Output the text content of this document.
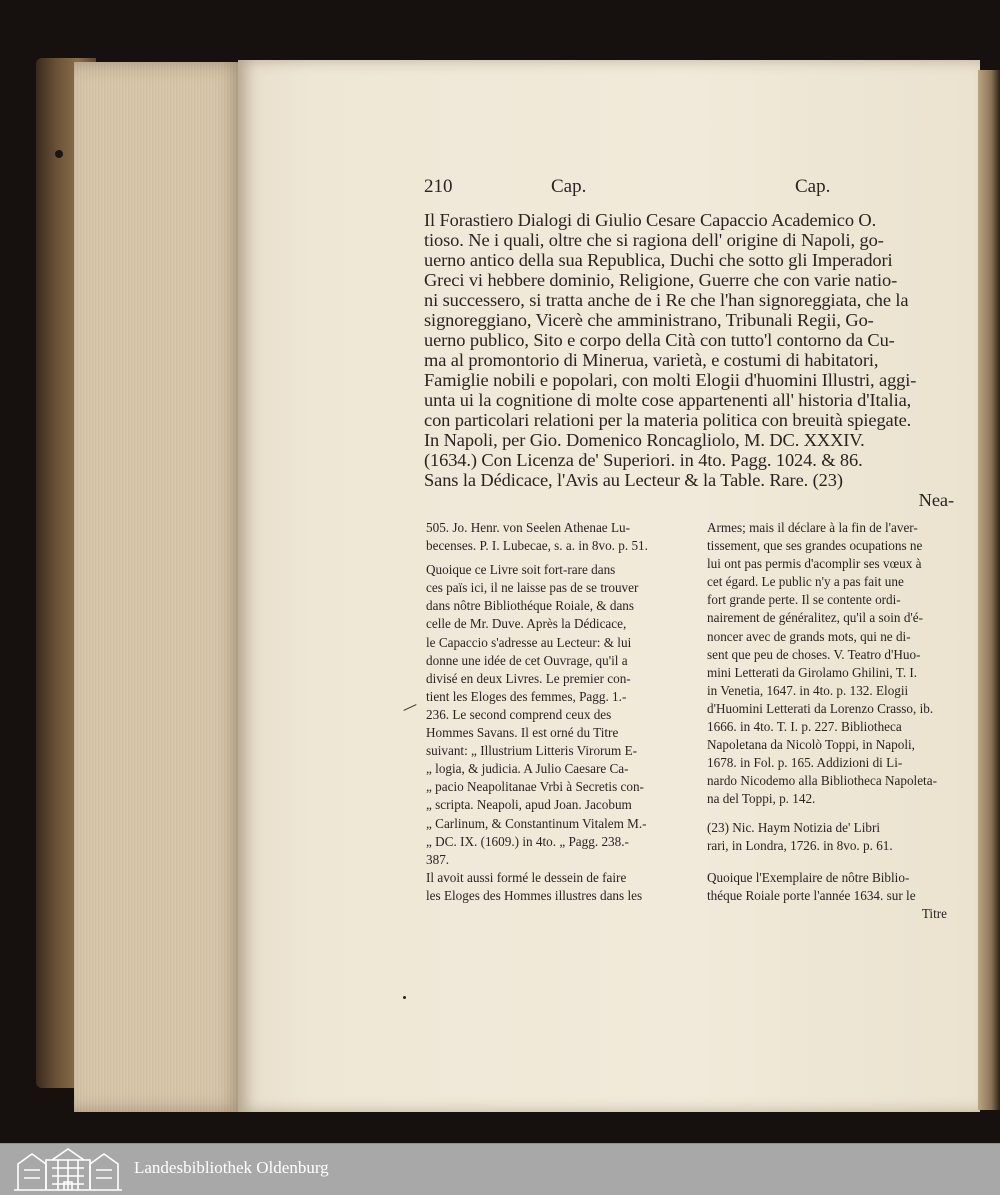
210	Cap.	Cap.

Il Forastiero Dialogi di Giulio Cesare Capaccio Academico O.

tioso. Ne i quali, oltre che si ragiona dell' origine di Napoli, go-

uerno antico della sua Republica, Duchi che sotto gli Imperadori

Greci vi hebbere dominio, Religione, Guerre che con varie natio-

ni successero, si tratta anche de i Re che l'han signoreggiata, che la

signoreggiano, Vicerè che amministrano, Tribunali Regii, Go-

uerno publico, Sito e corpo della Cità con tutto'l contorno da Cu-

ma al promontorio di Minerua, varietà, e costumi di habitatori,

Famiglie nobili e popolari, con molti Elogii d'huomini Illustri, aggi-

unta ui la cognitione di molte cose appartenenti all' historia d'Italia,

con particolari relationi per la materia politica con breuità spiegate.

In Napoli, per Gio. Domenico Roncagliolo, M. DC. XXXIV.

(1634.) Con Licenza de' Superiori. in 4to. Pagg. 1024. & 86.

Sans la Dédicace, l'Avis au Lecteur & la Table. Rare. (23)

Nea-

505. Jo. Henr. von Seelen Athenae Lu-

becenses. P. I. Lubecae, s. a. in 8vo. p. 51.

Quoique ce Livre soit fort-rare dans

ces païs ici, il ne laisse pas de se trouver

dans nôtre Bibliothéque Roiale, & dans

celle de Mr. Duve. Après la Dédicace,

le Capaccio s'adresse au Lecteur: & lui

donne une idée de cet Ouvrage, qu'il a

divisé en deux Livres. Le premier con-

tient les Eloges des femmes, Pagg. 1.-

236. Le second comprend ceux des

Hommes Savans. Il est orné du Titre

suivant: „ Illustrium Litteris Virorum E-

„ logia, & judicia. A Julio Caesare Ca-

„ pacio Neapolitanae Vrbi à Secretis con-

„ scripta. Neapoli, apud Joan. Jacobum

„ Carlinum, & Constantinum Vitalem M.-

„ DC. IX. (1609.) in 4to. „ Pagg. 238.-

387.

Il avoit aussi formé le dessein de faire

les Eloges des Hommes illustres dans les

Armes; mais il déclare à la fin de l'aver-

tissement, que ses grandes ocupations ne

lui ont pas permis d'acomplir ses vœux à

cet égard. Le public n'y a pas fait une

fort grande perte. Il se contente ordi-

nairement de généralitez, qu'il a soin d'é-

noncer avec de grands mots, qui ne di-

sent que peu de choses. V. Teatro d'Huo-

mini Letterati da Girolamo Ghilini, T. I.

in Venetia, 1647. in 4to. p. 132. Elogii

d'Huomini Letterati da Lorenzo Crasso, ib.

1666. in 4to. T. I. p. 227. Bibliotheca

Napoletana da Nicolò Toppi, in Napoli,

1678. in Fol. p. 165. Addizioni di Li-

nardo Nicodemo alla Bibliotheca Napoleta-

na del Toppi, p. 142.

(23) Nic. Haym Notizia de' Libri

rari, in Londra, 1726. in 8vo. p. 61.

Quoique l'Exemplaire de nôtre Biblio-

théque Roiale porte l'année 1634. sur le

Titre

Landesbibliothek Oldenburg
